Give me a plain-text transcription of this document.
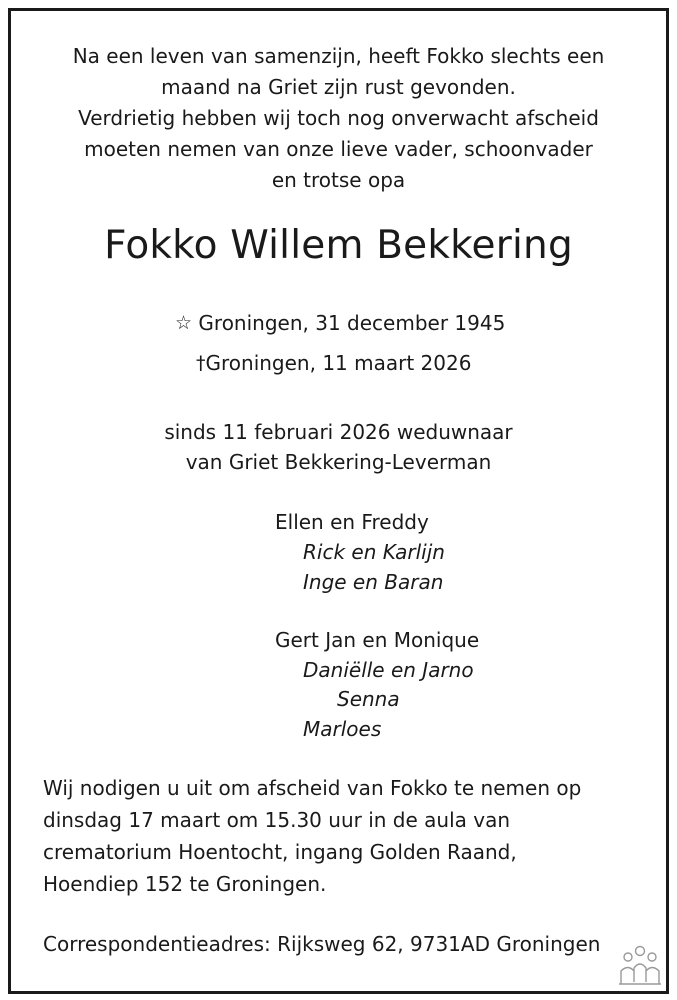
Na een leven van samenzijn, heeft Fokko slechts een
maand na Griet zijn rust gevonden.
Verdrietig hebben wij toch nog onverwacht afscheid
moeten nemen van onze lieve vader, schoonvader
en trotse opa
Fokko Willem Bekkering
☆ Groningen, 31 december 1945
†Groningen, 11 maart 2026
sinds 11 februari 2026 weduwnaar
van Griet Bekkering-Leverman
Ellen en Freddy
Rick en Karlijn
Inge en Baran
Gert Jan en Monique
Daniëlle en Jarno
Senna
Marloes
Wij nodigen u uit om afscheid van Fokko te nemen op
dinsdag 17 maart om 15.30 uur in de aula van
crematorium Hoentocht, ingang Golden Raand,
Hoendiep 152 te Groningen.
Correspondentieadres: Rijksweg 62, 9731AD Groningen
